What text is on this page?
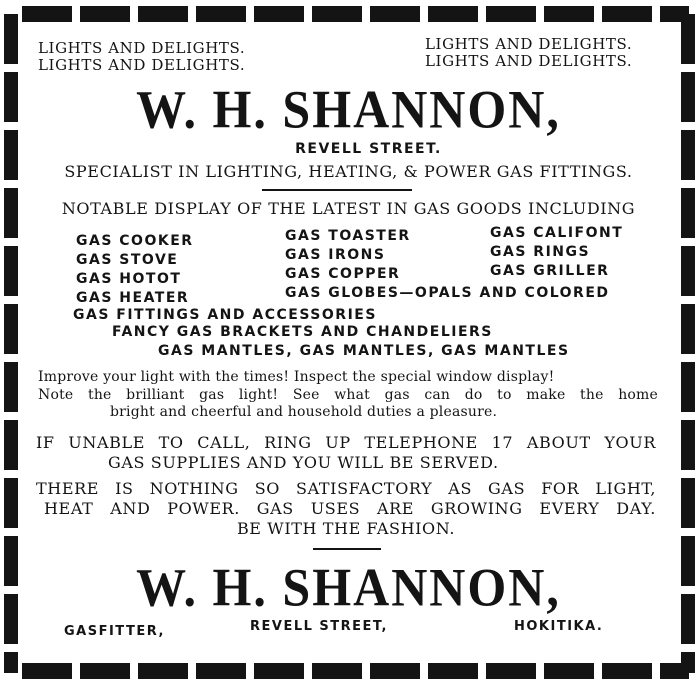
LIGHTS AND DELIGHTS.
LIGHTS AND DELIGHTS.
LIGHTS AND DELIGHTS.
LIGHTS AND DELIGHTS.
W. H. SHANNON,
REVELL STREET.
SPECIALIST IN LIGHTING, HEATING, & POWER GAS FITTINGS.
NOTABLE DISPLAY OF THE LATEST IN GAS GOODS INCLUDING
GAS COOKER
GAS STOVE
GAS HOTOT
GAS HEATER
GAS TOASTER
GAS IRONS
GAS COPPER
GAS GLOBES—OPALS AND COLORED
GAS CALIFONT
GAS RINGS
GAS GRILLER
GAS FITTINGS AND ACCESSORIES
FANCY GAS BRACKETS AND CHANDELIERS
GAS MANTLES, GAS MANTLES, GAS MANTLES
Improve your light with the times! Inspect the special window display!
Note the brilliant gas light! See what gas can do to make the home
bright and cheerful and household duties a pleasure.
IF UNABLE TO CALL, RING UP TELEPHONE 17 ABOUT YOUR
GAS SUPPLIES AND YOU WILL BE SERVED.
THERE IS NOTHING SO SATISFACTORY AS GAS FOR LIGHT,
HEAT AND POWER. GAS USES ARE GROWING EVERY DAY.
BE WITH THE FASHION.
W. H. SHANNON,
GASFITTER,	REVELL STREET,	HOKITIKA.
